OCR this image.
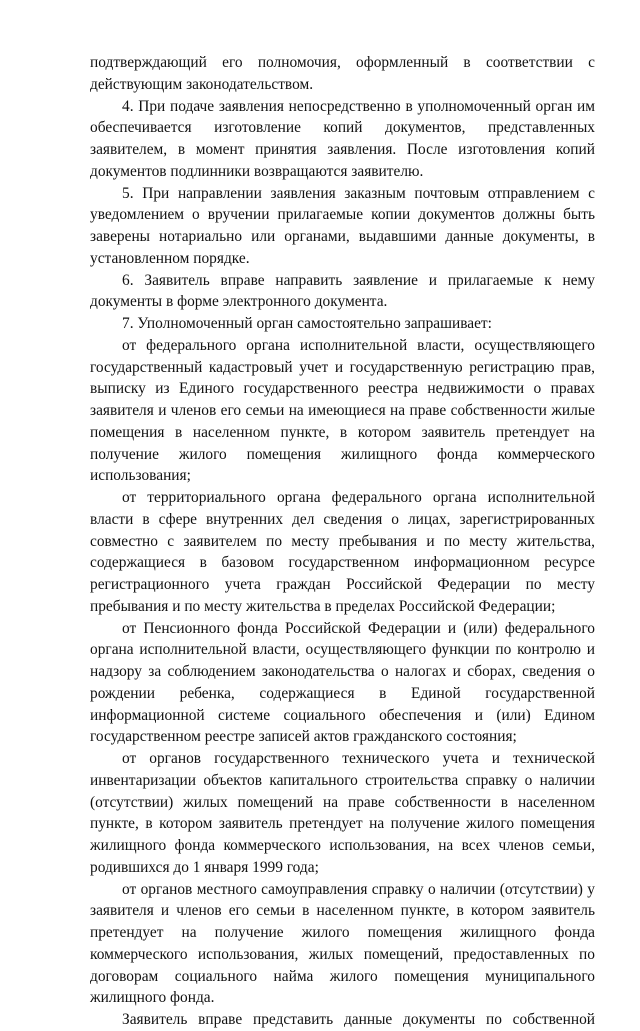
подтверждающий его полномочия, оформленный в соответствии с действующим законодательством.

4. При подаче заявления непосредственно в уполномоченный орган им обеспечивается изготовление копий документов, представленных заявителем, в момент принятия заявления. После изготовления копий документов подлинники возвращаются заявителю.

5. При направлении заявления заказным почтовым отправлением с уведомлением о вручении прилагаемые копии документов должны быть заверены нотариально или органами, выдавшими данные документы, в установленном порядке.

6. Заявитель вправе направить заявление и прилагаемые к нему документы в форме электронного документа.

7. Уполномоченный орган самостоятельно запрашивает:

от федерального органа исполнительной власти, осуществляющего государственный кадастровый учет и государственную регистрацию прав, выписку из Единого государственного реестра недвижимости о правах заявителя и членов его семьи на имеющиеся на праве собственности жилые помещения в населенном пункте, в котором заявитель претендует на получение жилого помещения жилищного фонда коммерческого использования;

от территориального органа федерального органа исполнительной власти в сфере внутренних дел сведения о лицах, зарегистрированных совместно с заявителем по месту пребывания и по месту жительства, содержащиеся в базовом государственном информационном ресурсе регистрационного учета граждан Российской Федерации по месту пребывания и по месту жительства в пределах Российской Федерации;

от Пенсионного фонда Российской Федерации и (или) федерального органа исполнительной власти, осуществляющего функции по контролю и надзору за соблюдением законодательства о налогах и сборах, сведения о рождении ребенка, содержащиеся в Единой государственной информационной системе социального обеспечения и (или) Едином государственном реестре записей актов гражданского состояния;

от органов государственного технического учета и технической инвентаризации объектов капитального строительства справку о наличии (отсутствии) жилых помещений на праве собственности в населенном пункте, в котором заявитель претендует на получение жилого помещения жилищного фонда коммерческого использования, на всех членов семьи, родившихся до 1 января 1999 года;

от органов местного самоуправления справку о наличии (отсутствии) у заявителя и членов его семьи в населенном пункте, в котором заявитель претендует на получение жилого помещения жилищного фонда коммерческого использования, жилых помещений, предоставленных по договорам социального найма жилого помещения муниципального жилищного фонда.

Заявитель вправе представить данные документы по собственной
